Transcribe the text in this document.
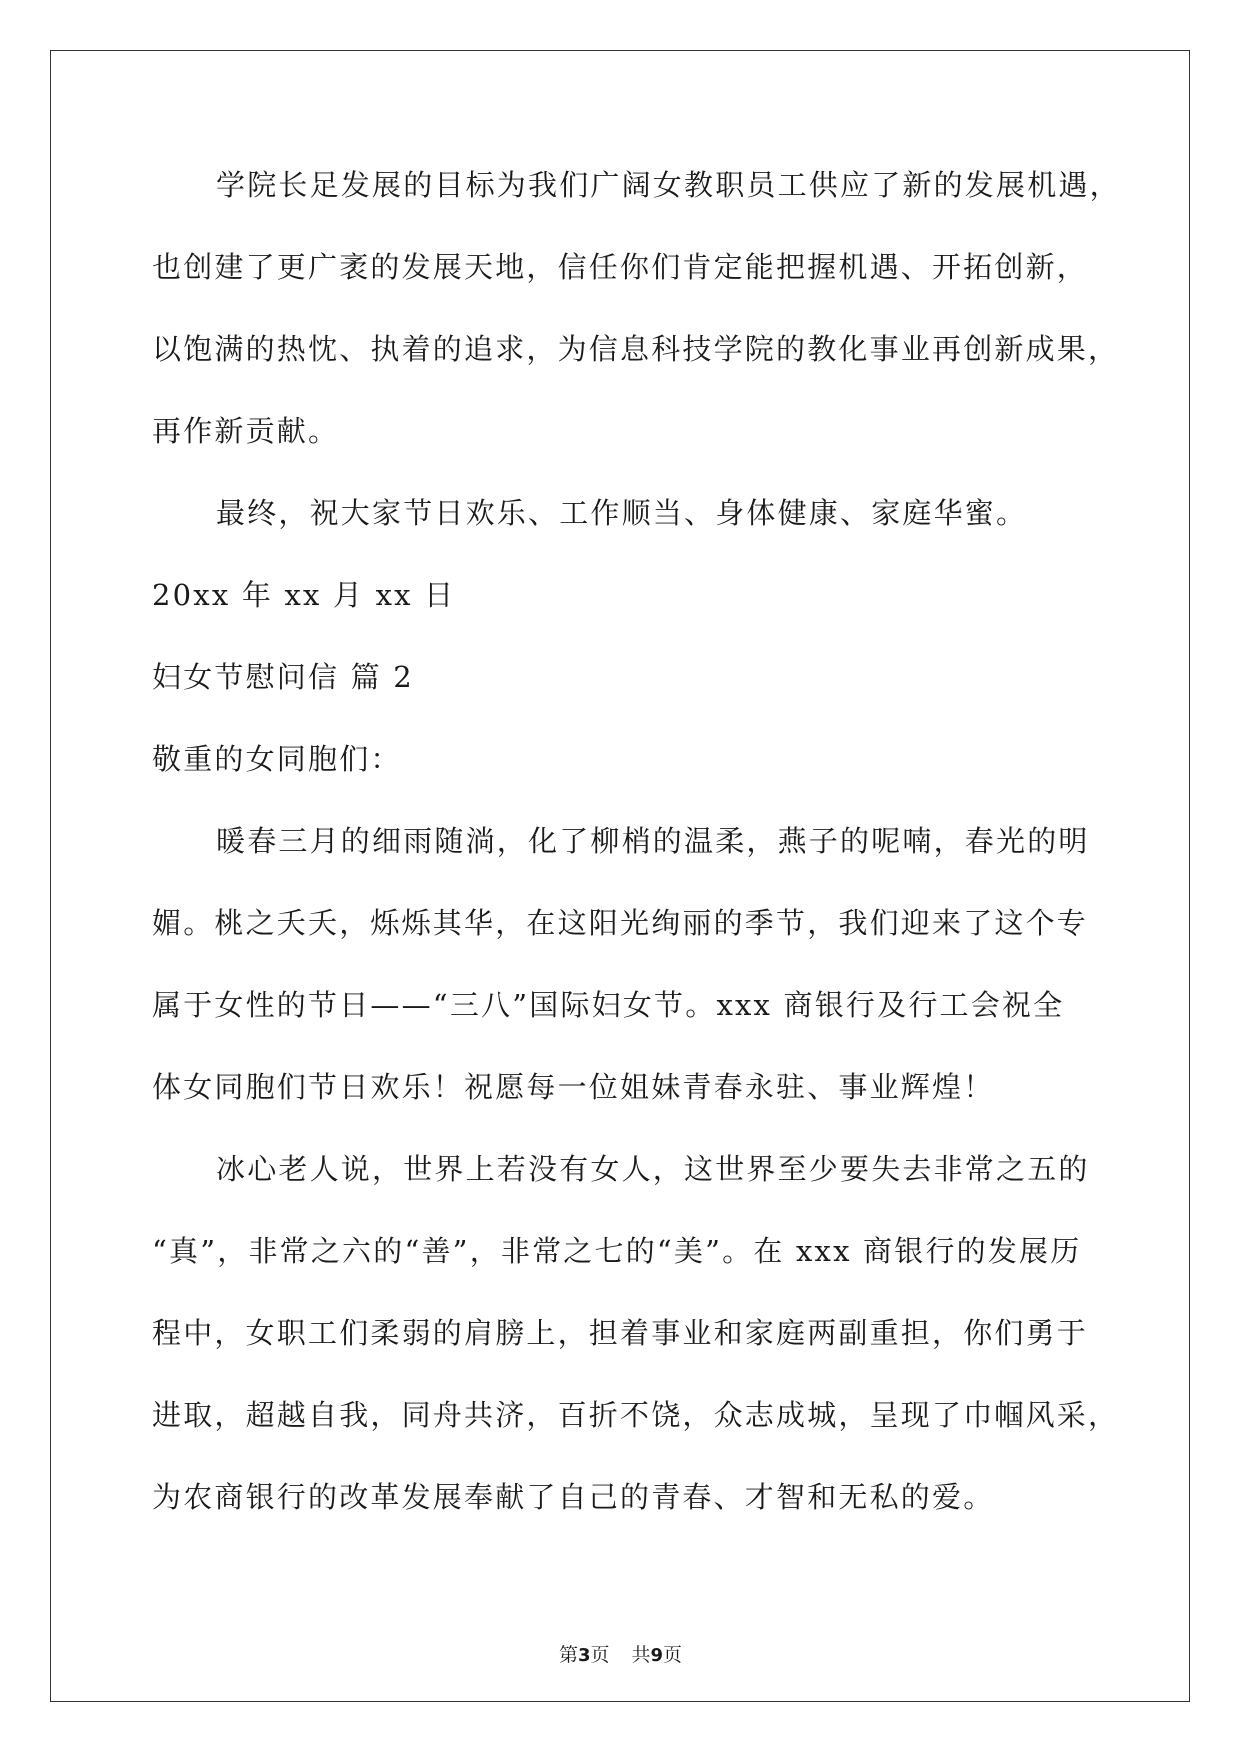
学院长足发展的目标为我们广阔女教职员工供应了新的发展机遇，
也创建了更广袤的发展天地，信任你们肯定能把握机遇、开拓创新，
以饱满的热忱、执着的追求，为信息科技学院的教化事业再创新成果，
再作新贡献。
最终，祝大家节日欢乐、工作顺当、身体健康、家庭华蜜。
20xx 年 xx 月 xx 日
妇女节慰问信 篇 2
敬重的女同胞们：
暖春三月的细雨随淌，化了柳梢的温柔，燕子的呢喃，春光的明
媚。桃之夭夭，烁烁其华，在这阳光绚丽的季节，我们迎来了这个专
属于女性的节日——“三八”国际妇女节。xxx 商银行及行工会祝全
体女同胞们节日欢乐！祝愿每一位姐妹青春永驻、事业辉煌！
冰心老人说，世界上若没有女人，这世界至少要失去非常之五的
“真”，非常之六的“善”，非常之七的“美”。在 xxx 商银行的发展历
程中，女职工们柔弱的肩膀上，担着事业和家庭两副重担，你们勇于
进取，超越自我，同舟共济，百折不饶，众志成城，呈现了巾帼风采，
为农商银行的改革发展奉献了自己的青春、才智和无私的爱。
第3页 共9页
